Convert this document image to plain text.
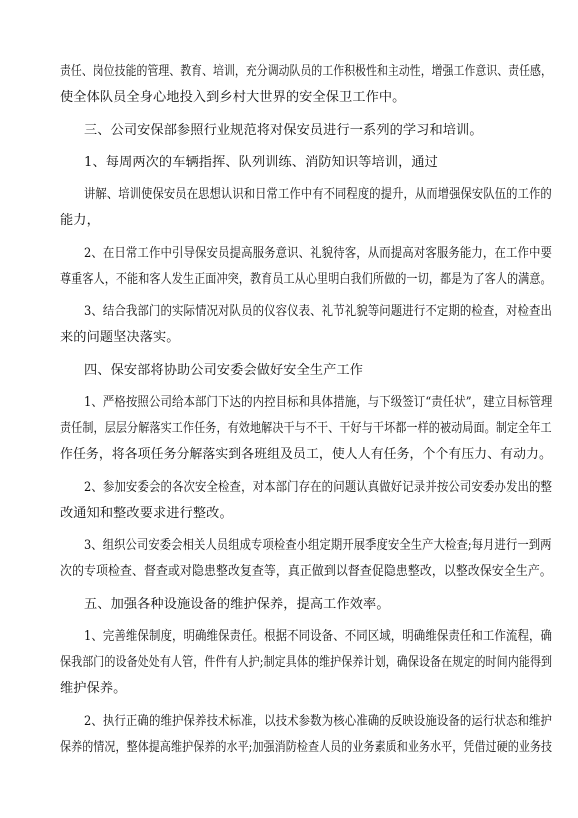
责任、岗位技能的管理、教育、培训，充分调动队员的工作积极性和主动性，增强工作意识、责任感，
使全体队员全身心地投入到乡村大世界的安全保卫工作中。
三、公司安保部参照行业规范将对保安员进行一系列的学习和培训。
1、每周两次的车辆指挥、队列训练、消防知识等培训，通过
讲解、培训使保安员在思想认识和日常工作中有不同程度的提升，从而增强保安队伍的工作的
能力，
2、在日常工作中引导保安员提高服务意识、礼貌待客，从而提高对客服务能力，在工作中要
尊重客人，不能和客人发生正面冲突，教育员工从心里明白我们所做的一切，都是为了客人的满意。
3、结合我部门的实际情况对队员的仪容仪表、礼节礼貌等问题进行不定期的检查，对检查出
来的问题坚决落实。
四、保安部将协助公司安委会做好安全生产工作
1、严格按照公司给本部门下达的内控目标和具体措施，与下级签订“责任状”，建立目标管理
责任制，层层分解落实工作任务，有效地解决干与不干、干好与干坏都一样的被动局面。制定全年工
作任务，将各项任务分解落实到各班组及员工，使人人有任务，个个有压力、有动力。
2、参加安委会的各次安全检查，对本部门存在的问题认真做好记录并按公司安委办发出的整
改通知和整改要求进行整改。
3、组织公司安委会相关人员组成专项检查小组定期开展季度安全生产大检查;每月进行一到两
次的专项检查、督查或对隐患整改复查等，真正做到以督查促隐患整改，以整改保安全生产。
五、加强各种设施设备的维护保养，提高工作效率。
1、完善维保制度，明确维保责任。根据不同设备、不同区域，明确维保责任和工作流程，确
保我部门的设备处处有人管，件件有人护;制定具体的维护保养计划，确保设备在规定的时间内能得到
维护保养。
2、执行正确的维护保养技术标准，以技术参数为核心准确的反映设施设备的运行状态和维护
保养的情况，整体提高维护保养的水平;加强消防检查人员的业务素质和业务水平，凭借过硬的业务技
